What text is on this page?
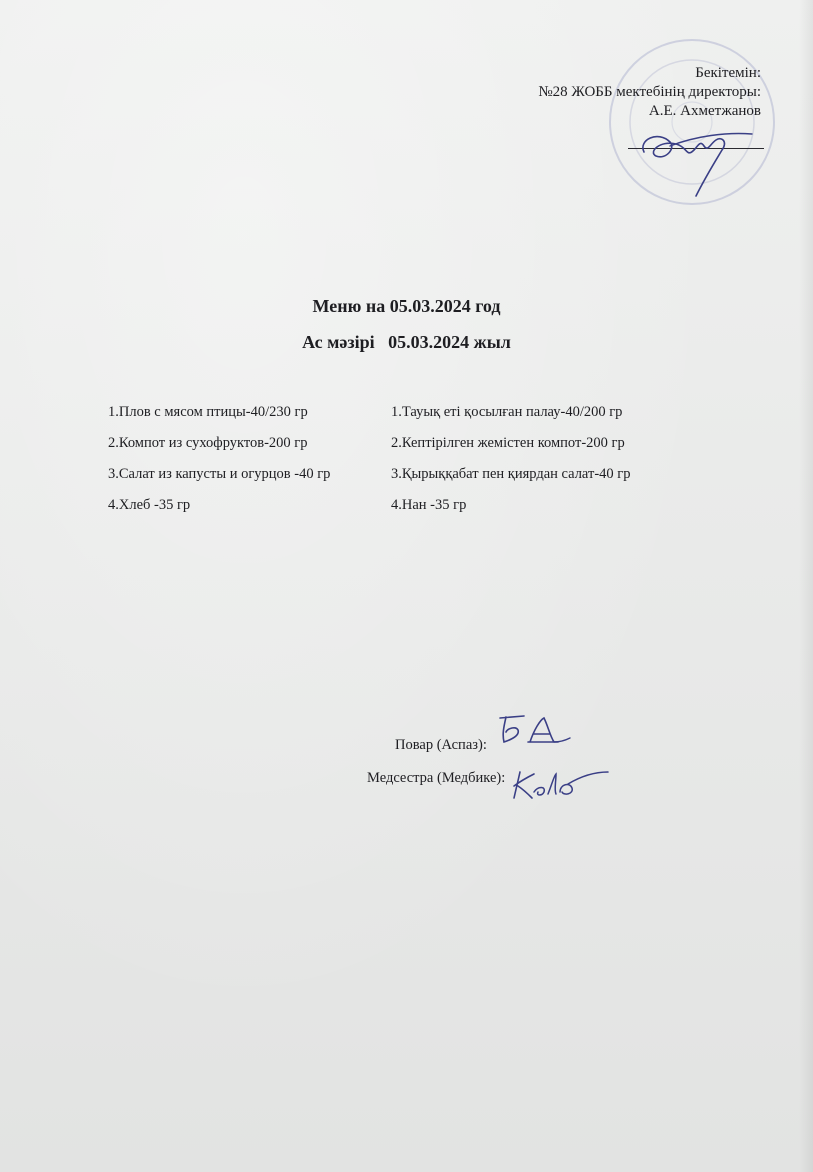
Бекітемін:
№28 ЖОББ мектебінің директоры:
А.Е. Ахметжанов
Меню на 05.03.2024 год
Ас мәзірі   05.03.2024 жыл
1.Плов с мясом птицы-40/230 гр	1.Тауық еті қосылған палау-40/200 гр
2.Компот из сухофруктов-200 гр	2.Кептірілген жемістен компот-200 гр
3.Салат из капусты и огурцов -40 гр	3.Қырыққабат пен қиярдан салат-40 гр
4.Хлеб -35 гр	4.Нан -35 гр
Повар (Аспаз):
Медсестра (Медбике):
